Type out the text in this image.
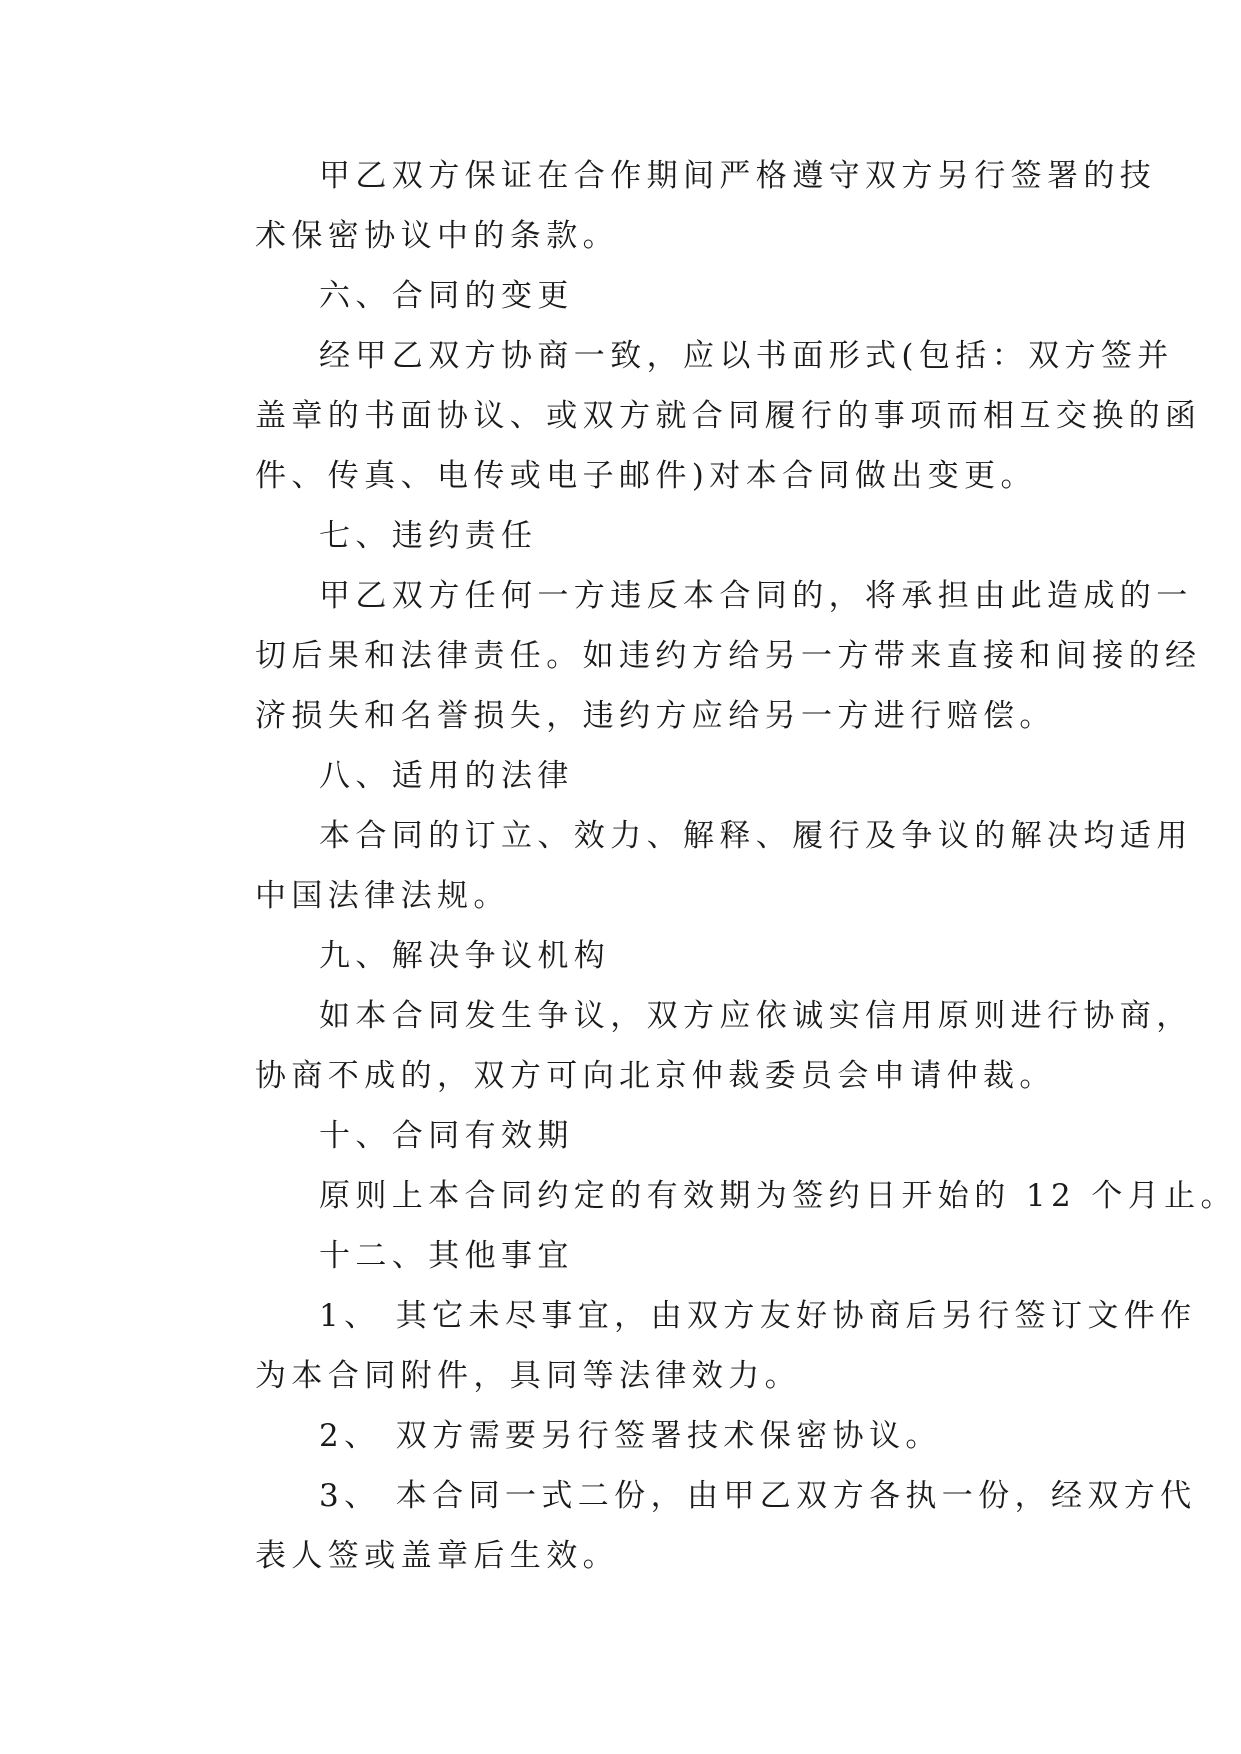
甲乙双方保证在合作期间严格遵守双方另行签署的技
术保密协议中的条款。

六、合同的变更

经甲乙双方协商一致，应以书面形式(包括：双方签并
盖章的书面协议、或双方就合同履行的事项而相互交换的函
件、传真、电传或电子邮件)对本合同做出变更。

七、违约责任

甲乙双方任何一方违反本合同的，将承担由此造成的一
切后果和法律责任。如违约方给另一方带来直接和间接的经
济损失和名誉损失，违约方应给另一方进行赔偿。

八、适用的法律

本合同的订立、效力、解释、履行及争议的解决均适用
中国法律法规。

九、解决争议机构

如本合同发生争议，双方应依诚实信用原则进行协商，
协商不成的，双方可向北京仲裁委员会申请仲裁。

十、合同有效期

原则上本合同约定的有效期为签约日开始的 12 个月止。

十二、其他事宜

1、 其它未尽事宜，由双方友好协商后另行签订文件作
为本合同附件，具同等法律效力。

2、 双方需要另行签署技术保密协议。

3、 本合同一式二份，由甲乙双方各执一份，经双方代
表人签或盖章后生效。
